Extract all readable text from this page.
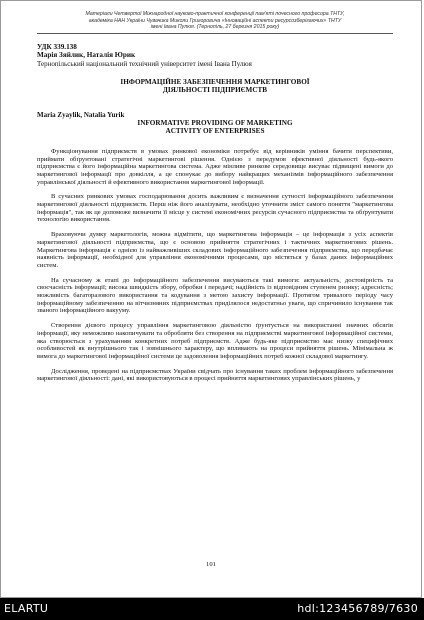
Матеріали Четвертої Міжнародної науково-практичної конференції пам'яті почесного професора ТНТУ,
академіка НАН України Чувачика Миколи Григоровича «Інноваційні аспекти ресурсозберігаючих» ТНТУ
імені Івана Пулюя. (Тернопіль, 27 березня 2015 року)
УДК 339.138
Марія Зяйлик, Наталія Юрик
Тернопільський національний технічний університет імені Івана Пулюя
ІНФОРМАЦІЙНЕ ЗАБЕЗПЕЧЕННЯ МАРКЕТИНГОВОЇ
ДІЯЛЬНОСТІ ПІДПРИЄМСТВ
Maria Zyaylik, Natalia Yurik
INFORMATIVE PROVIDING OF MARKETING
ACTIVITY OF ENTERPRISES

Функціонування підприємств в умовах ринкової економіки потребує від керівників уміння бачити перспективи, приймати обґрунтовані стратегічні маркетингові рішення. Однією з передумов ефективної діяльності будь-якого підприємства є його інформаційна маркетингова система. Адже мінливе ринкове середовище висуває підвищені вимоги до маркетингової інформації про довкілля, а це спонукає до вибору найкращих механізмів інформаційного забезпечення управлінської діяльності й ефективного використання маркетингової інформації.

В сучасних ринкових умовах господарювання досить важливим є визначення сутності інформаційного забезпечення маркетингової діяльності підприємств. Перш ніж його аналізувати, необхідно уточнити зміст самого поняття "маркетингова інформація", так як це допоможе визначити її місце у системі економічних ресурсів сучасного підприємства та обґрунтувати технологію використання.

Враховуючи думку маркетологів, можна відмітити, що маркетингова інформація – це інформація з усіх аспектів маркетингової діяльності підприємства, що є основою прийняття стратегічних і тактичних маркетингових рішень. Маркетингова інформація є однією із найважливіших складових інформаційного забезпечення підприємства, що передбачає наявність інформації, необхідної для управління економічними процесами, що містяться у базах даних інформаційних систем.

На сучасному ж етапі до інформаційного забезпечення висуваються такі вимоги: актуальність, достовірність та своєчасність інформації; висока швидкість збору, обробки і передачі; надійність із відповідним ступенем ризику; адресність; можливість багаторазового використання та кодування з метою захисту інформації. Протягом тривалого періоду часу інформаційному забезпеченню на вітчизняних підприємствах приділялося недостатньо уваги, що спричинило існування так званого інформаційного вакууму.

Створення дієвого процесу управління маркетинговою діяльністю ґрунтується на використанні значних обсягів інформації, яку неможливо накопичувати та обробляти без створення на підприємстві маркетингової інформаційної системи, яка створюється з урахуванням конкретних потреб підприємств. Адже будь-яке підприємство має низку специфічних особливостей як внутрішнього так і зовнішнього характеру, що впливають на процеси прийняття рішень. Мінімальна ж вимога до маркетингової інформаційної системи це задоволення інформаційних потреб кожної складової маркетингу.

Дослідження, проведені на підприємствах України свідчать про існування таких проблем інформаційного забезпечення маркетингової діяльності: дані, які використовуються в процесі прийняття маркетингових управлінських рішень, у

101
ELARTU	hdl:123456789/7630
